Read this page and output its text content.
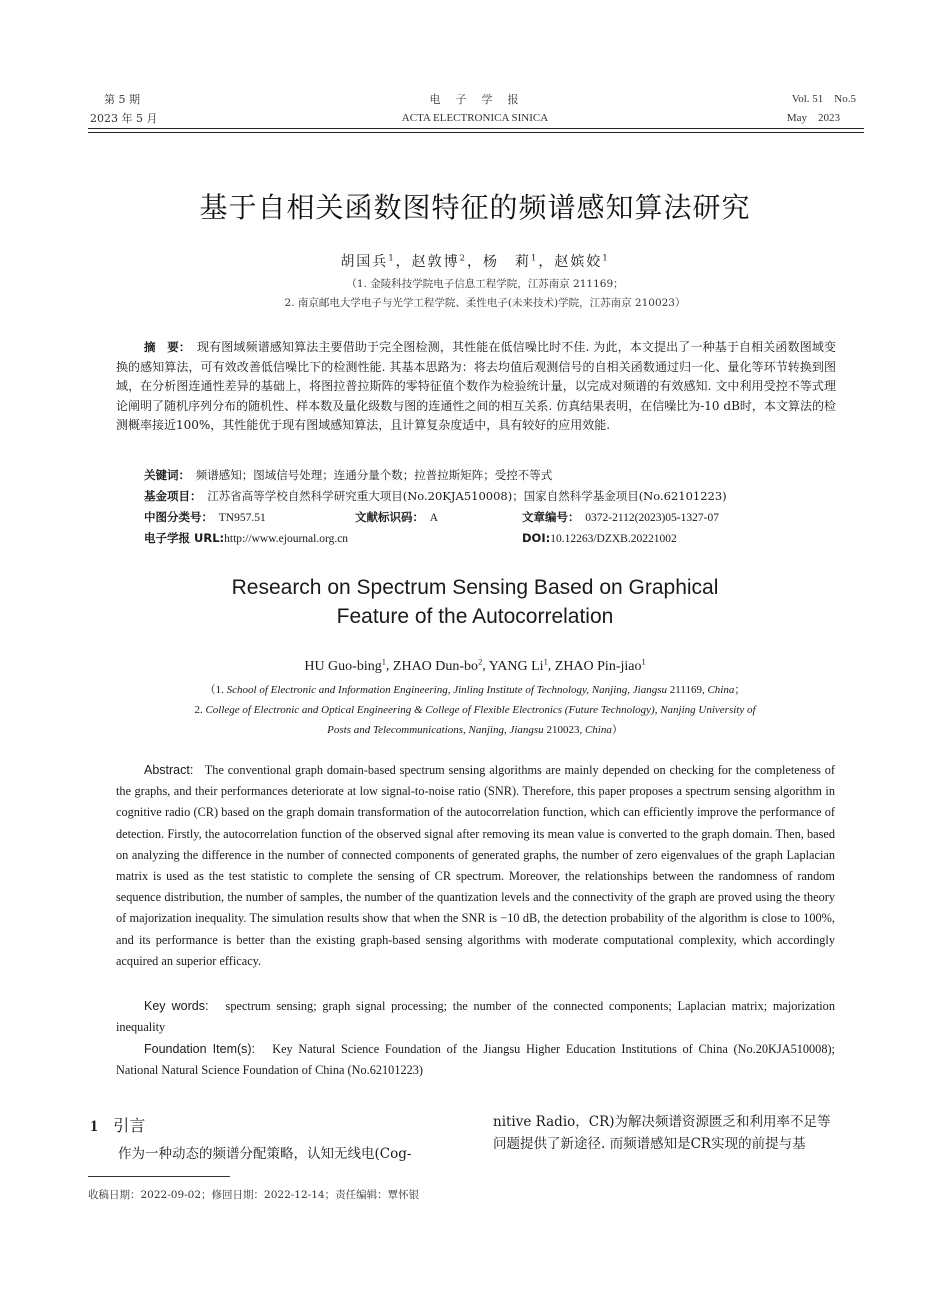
第 5 期
2023 年 5 月
电　子　学　报
ACTA ELECTRONICA SINICA
Vol. 51　No.5
May　2023
基于自相关函数图特征的频谱感知算法研究
胡国兵$^1$，赵敦博$^2$，杨　莉$^1$，赵嫔姣$^1$
（1. 金陵科技学院电子信息工程学院，江苏南京 211169；
2. 南京邮电大学电子与光学工程学院、柔性电子(未来技术)学院，江苏南京 210023）
摘　要：　 现有图域频谱感知算法主要借助于完全图检测，其性能在低信噪比时不佳. 为此，本文提出了一种基于自相关函数图域变换的感知算法，可有效改善低信噪比下的检测性能. 其基本思路为：将去均值后观测信号的自相关函数通过归一化、量化等环节转换到图域，在分析图连通性差异的基础上，将图拉普拉斯阵的零特征值个数作为检验统计量，以完成对频谱的有效感知. 文中利用受控不等式理论阐明了随机序列分布的随机性、样本数及量化级数与图的连通性之间的相互关系. 仿真结果表明，在信噪比为-10 dB时，本文算法的检测概率接近100%，其性能优于现有图域感知算法，且计算复杂度适中，具有较好的应用效能.
关键词：　 频谱感知；图域信号处理；连通分量个数；拉普拉斯矩阵；受控不等式
基金项目：　 江苏省高等学校自然科学研究重大项目(No.20KJA510008)；国家自然科学基金项目(No.62101223)
中图分类号：　 TN957.51	文献标识码：　 A	文章编号：　 0372-2112(2023)05-1327-07
电子学报 URL:http://www.ejournal.org.cn	DOI:10.12263/DZXB.20221002
Research on Spectrum Sensing Based on Graphical
Feature of the Autocorrelation
HU Guo-bing$^1$, ZHAO Dun-$bo^2$, YANG Li$^1$, ZHAO Pin-jiao$^1$
（1. School of Electronic and Information Engineering, Jinling Institute of Technology, Nanjing, Jiangsu 211169, China；
2. College of Electronic and Optical Engineering & College of Flexible Electronics (Future Technology), Nanjing University of
Posts and Telecommunications, Nanjing, Jiangsu 210023, China）
Abstract: The conventional graph domain-based spectrum sensing algorithms are mainly depended on checking for the completeness of the graphs, and their performances deteriorate at low signal-to-noise ratio (SNR). Therefore, this paper proposes a spectrum sensing algorithm in cognitive radio (CR) based on the graph domain transformation of the autocorrelation function, which can efficiently improve the performance of detection. Firstly, the autocorrelation function of the observed signal after removing its mean value is converted to the graph domain. Then, based on analyzing the difference in the number of connected components of generated graphs, the number of zero eigenvalues of the graph Laplacian matrix is used as the test statistic to complete the sensing of CR spectrum. Moreover, the relationships between the randomness of random sequence distribution, the number of samples, the number of the quantization levels and the connectivity of the graph are proved using the theory of majorization inequality. The simulation results show that when the SNR is −10 dB, the detection probability of the algorithm is close to 100%, and its performance is better than the existing graph-based sensing algorithms with moderate computational complexity, which accordingly acquired an superior efficacy.
Key words: spectrum sensing; graph signal processing; the number of the connected components; Laplacian matrix; majorization inequality
Foundation Item(s): Key Natural Science Foundation of the Jiangsu Higher Education Institutions of China (No.20KJA510008); National Natural Science Foundation of China (No.62101223)
1 引言
作为一种动态的频谱分配策略，认知无线电(Cog-
nitive Radio，CR)为解决频谱资源匮乏和利用率不足等
问题提供了新途径. 而频谱感知是CR实现的前提与基
收稿日期：2022-09-02；修回日期：2022-12-14；责任编辑：覃怀银
